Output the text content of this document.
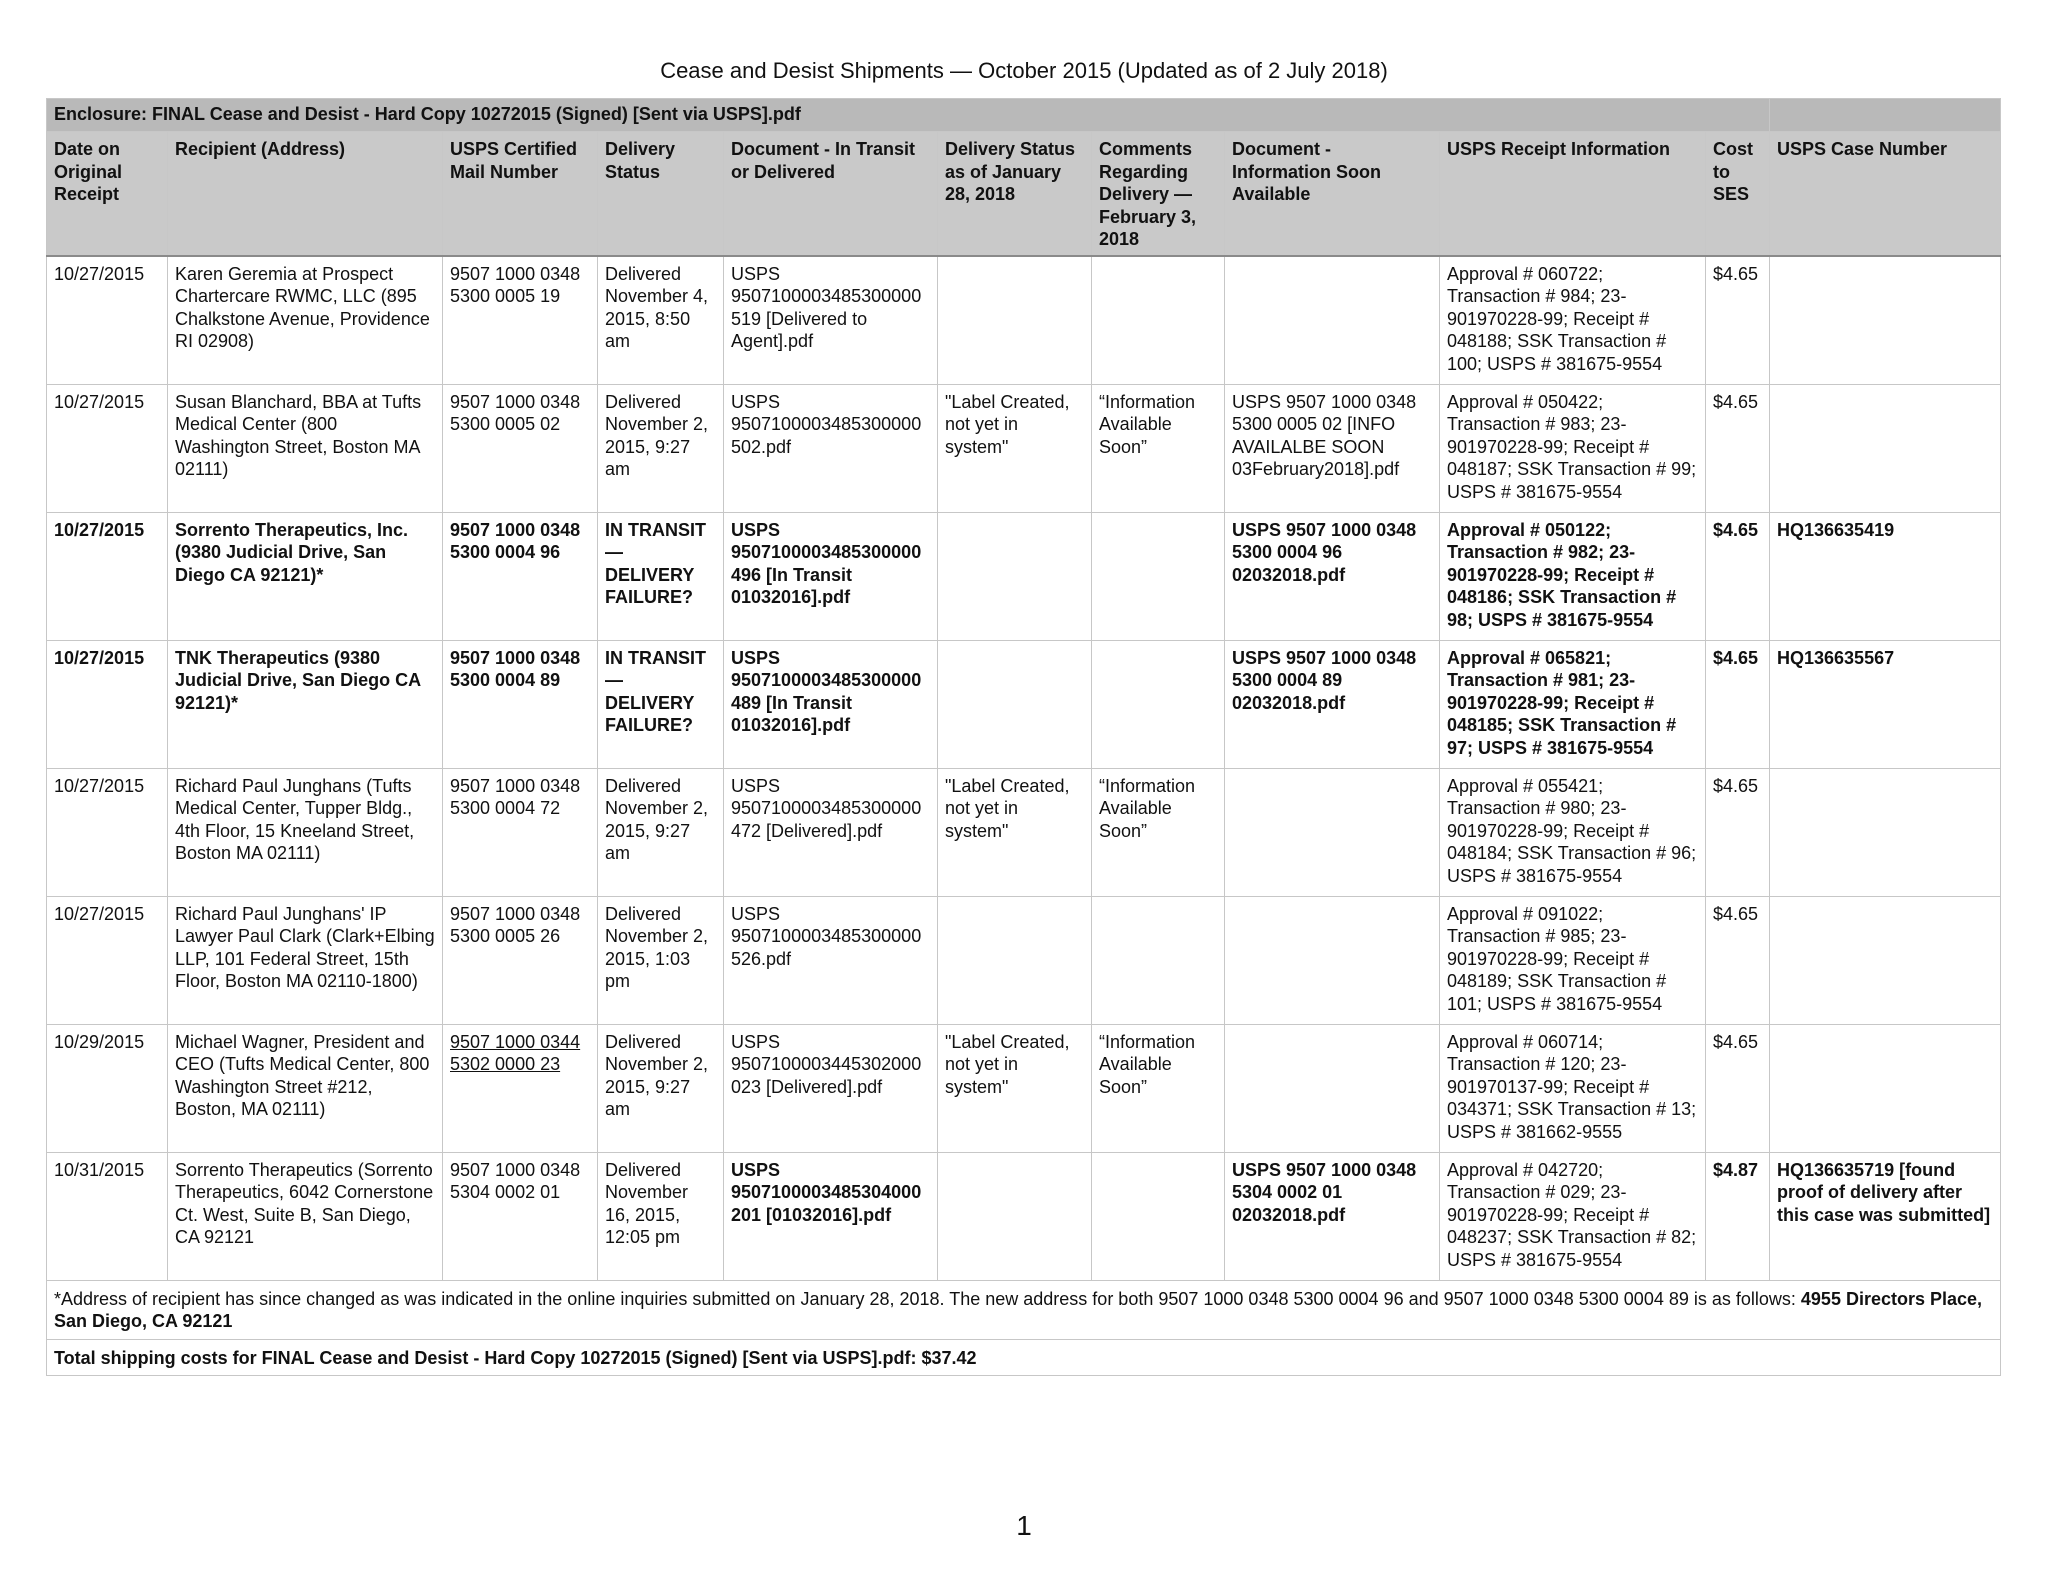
Cease and Desist Shipments — October 2015 (Updated as of 2 July 2018)
Enclosure: FINAL Cease and Desist - Hard Copy 10272015 (Signed) [Sent via USPS].pdf										
Date on Original Receipt	Recipient (Address)	USPS Certified Mail Number	Delivery Status	Document - In Transit or Delivered	Delivery Status as of January 28, 2018	Comments Regarding Delivery — February 3, 2018	Document - Information Soon Available	USPS Receipt Information	Cost to SES	USPS Case Number
10/27/2015	Karen Geremia at Prospect Chartercare RWMC, LLC (895 Chalkstone Avenue, Providence RI 02908)	9507 1000 0348 5300 0005 19	Delivered November 4, 2015, 8:50 am	USPS 9507100003485300000519 [Delivered to Agent].pdf				Approval # 060722; Transaction # 984; 23-901970228-99; Receipt # 048188; SSK Transaction # 100; USPS # 381675-9554	$4.65	
10/27/2015	Susan Blanchard, BBA at Tufts Medical Center (800 Washington Street, Boston MA 02111)	9507 1000 0348 5300 0005 02	Delivered November 2, 2015, 9:27 am	USPS 9507100003485300000502.pdf	"Label Created, not yet in system"	“Information Available Soon”	USPS 9507 1000 0348 5300 0005 02 [INFO AVAILALBE SOON 03February2018].pdf	Approval # 050422; Transaction # 983; 23-901970228-99; Receipt # 048187; SSK Transaction # 99; USPS # 381675-9554	$4.65	
10/27/2015	Sorrento Therapeutics, Inc. (9380 Judicial Drive, San Diego CA 92121)*	9507 1000 0348 5300 0004 96	IN TRANSIT — DELIVERY FAILURE?	USPS 9507100003485300000496 [In Transit 01032016].pdf			USPS 9507 1000 0348 5300 0004 96 02032018.pdf	Approval # 050122; Transaction # 982; 23-901970228-99; Receipt # 048186; SSK Transaction # 98; USPS # 381675-9554	$4.65	HQ136635419
10/27/2015	TNK Therapeutics (9380 Judicial Drive, San Diego CA 92121)*	9507 1000 0348 5300 0004 89	IN TRANSIT — DELIVERY FAILURE?	USPS 9507100003485300000489 [In Transit 01032016].pdf			USPS 9507 1000 0348 5300 0004 89 02032018.pdf	Approval # 065821; Transaction # 981; 23-901970228-99; Receipt # 048185; SSK Transaction # 97; USPS # 381675-9554	$4.65	HQ136635567
10/27/2015	Richard Paul Junghans (Tufts Medical Center, Tupper Bldg., 4th Floor, 15 Kneeland Street, Boston MA 02111)	9507 1000 0348 5300 0004 72	Delivered November 2, 2015, 9:27 am	USPS 9507100003485300000472 [Delivered].pdf	"Label Created, not yet in system"	“Information Available Soon”		Approval # 055421; Transaction # 980; 23-901970228-99; Receipt # 048184; SSK Transaction # 96; USPS # 381675-9554	$4.65	
10/27/2015	Richard Paul Junghans' IP Lawyer Paul Clark (Clark+Elbing LLP, 101 Federal Street, 15th Floor, Boston MA 02110-1800)	9507 1000 0348 5300 0005 26	Delivered November 2, 2015, 1:03 pm	USPS 9507100003485300000526.pdf				Approval # 091022; Transaction # 985; 23-901970228-99; Receipt # 048189; SSK Transaction # 101; USPS # 381675-9554	$4.65	
10/29/2015	Michael Wagner, President and CEO (Tufts Medical Center, 800 Washington Street #212, Boston, MA 02111)	9507 1000 0344 5302 0000 23	Delivered November 2, 2015, 9:27 am	USPS 9507100003445302000023 [Delivered].pdf	"Label Created, not yet in system"	“Information Available Soon”		Approval # 060714; Transaction # 120; 23-901970137-99; Receipt # 034371; SSK Transaction # 13; USPS # 381662-9555	$4.65	
10/31/2015	Sorrento Therapeutics (Sorrento Therapeutics, 6042 Cornerstone Ct. West, Suite B, San Diego, CA 92121	9507 1000 0348 5304 0002 01	Delivered November 16, 2015, 12:05 pm	USPS 9507100003485304000201 [01032016].pdf			USPS 9507 1000 0348 5304 0002 01 02032018.pdf	Approval # 042720; Transaction # 029; 23-901970228-99; Receipt # 048237; SSK Transaction # 82; USPS # 381675-9554	$4.87	HQ136635719 [found proof of delivery after this case was submitted]
*Address of recipient has since changed as was indicated in the online inquiries submitted on January 28, 2018. The new address for both 9507 1000 0348 5300 0004 96 and 9507 1000 0348 5300 0004 89 is as follows: 4955 Directors Place, San Diego, CA 92121										
Total shipping costs for FINAL Cease and Desist - Hard Copy 10272015 (Signed) [Sent via USPS].pdf: $37.42										
1
